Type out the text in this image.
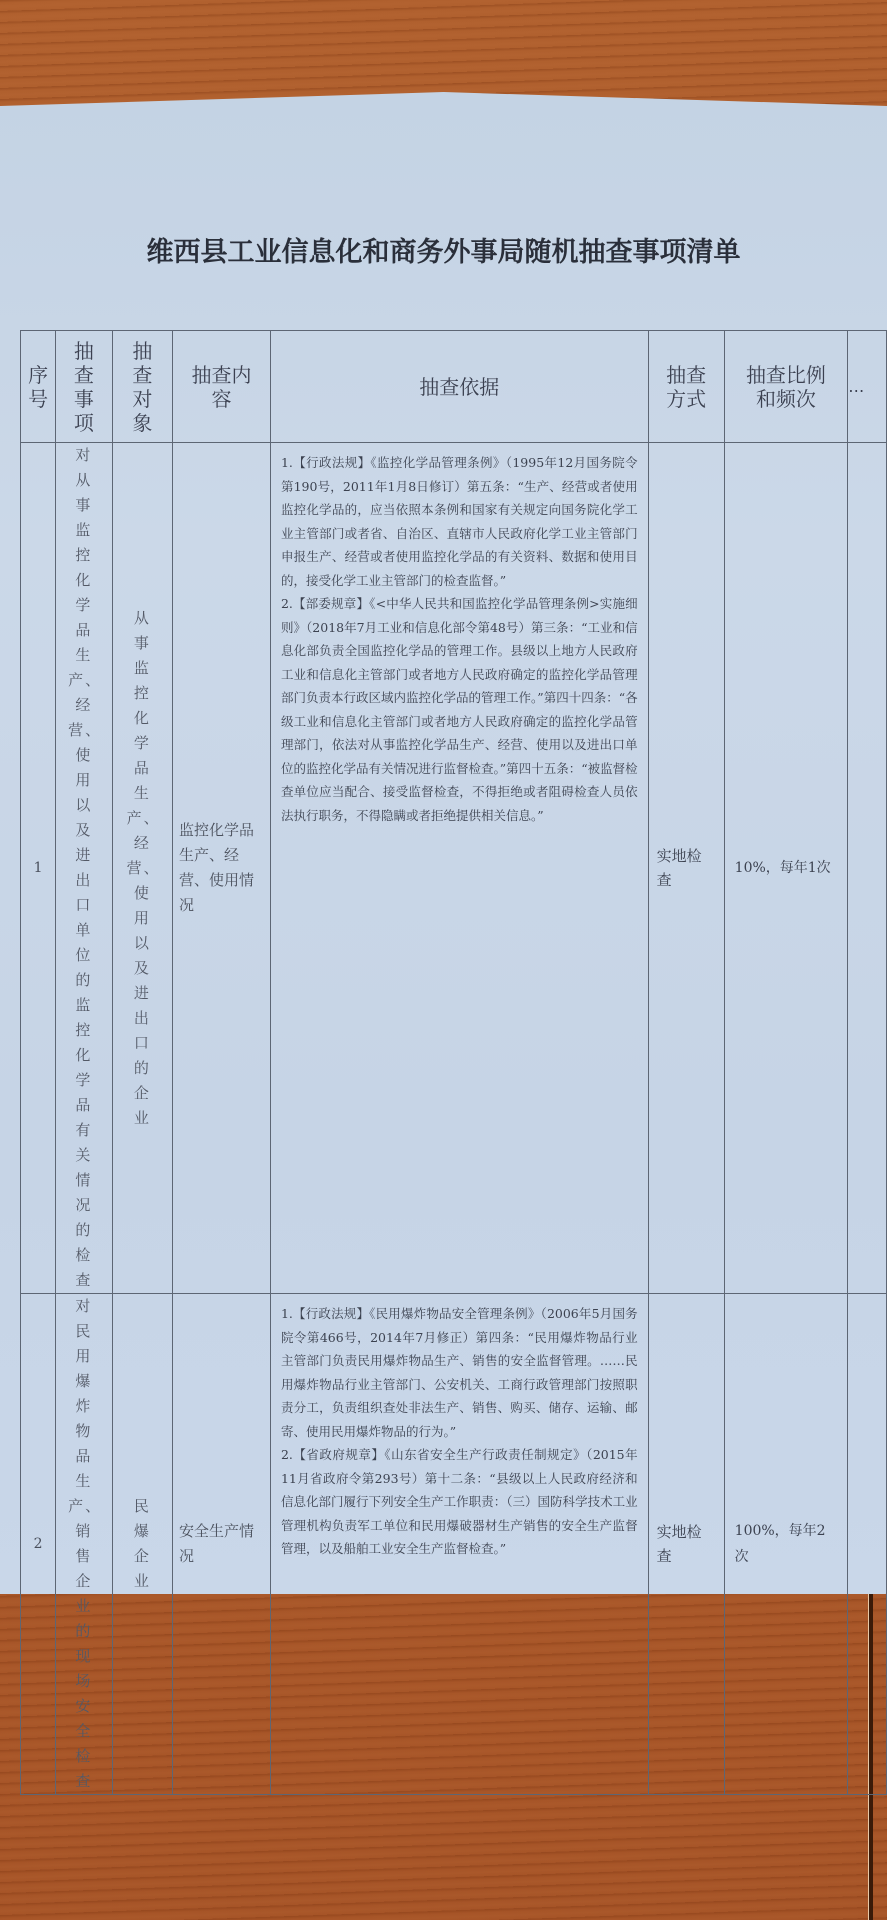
维西县工业信息化和商务外事局随机抽查事项清单
序号	抽查事项	抽查对象	抽查内容	抽查依据	抽查方式	抽查比例和频次	…
1	对从事监控化学品生产、经营、使用以及进出口单位的监控化学品有关情况的检查	从事监控化学品生产、经营、使用以及进出口的企业	监控化学品生产、经营、使用情况	1.【行政法规】《监控化学品管理条例》（1995年12月国务院令第190号，2011年1月8日修订）第五条：“生产、经营或者使用监控化学品的，应当依照本条例和国家有关规定向国务院化学工业主管部门或者省、自治区、直辖市人民政府化学工业主管部门申报生产、经营或者使用监控化学品的有关资料、数据和使用目的，接受化学工业主管部门的检查监督。”

2.【部委规章】《<中华人民共和国监控化学品管理条例>实施细则》（2018年7月工业和信息化部令第48号）第三条：“工业和信息化部负责全国监控化学品的管理工作。县级以上地方人民政府工业和信息化主管部门或者地方人民政府确定的监控化学品管理部门负责本行政区域内监控化学品的管理工作。”第四十四条：“各级工业和信息化主管部门或者地方人民政府确定的监控化学品管理部门，依法对从事监控化学品生产、经营、使用以及进出口单位的监控化学品有关情况进行监督检查。”第四十五条：“被监督检查单位应当配合、接受监督检查，不得拒绝或者阻碍检查人员依法执行职务，不得隐瞒或者拒绝提供相关信息。”	实地检查	10%，每年1次	
2	对民用爆炸物品生产、销售企业的现场安全检查	民爆企业	安全生产情况	1.【行政法规】《民用爆炸物品安全管理条例》（2006年5月国务院令第466号，2014年7月修正）第四条：“民用爆炸物品行业主管部门负责民用爆炸物品生产、销售的安全监督管理。……民用爆炸物品行业主管部门、公安机关、工商行政管理部门按照职责分工，负责组织查处非法生产、销售、购买、储存、运输、邮寄、使用民用爆炸物品的行为。”

2.【省政府规章】《山东省安全生产行政责任制规定》（2015年11月省政府令第293号）第十二条：“县级以上人民政府经济和信息化部门履行下列安全生产工作职责：（三）国防科学技术工业管理机构负责军工单位和民用爆破器材生产销售的安全生产监督管理，以及船舶工业安全生产监督检查。”	实地检查	100%，每年2次	
